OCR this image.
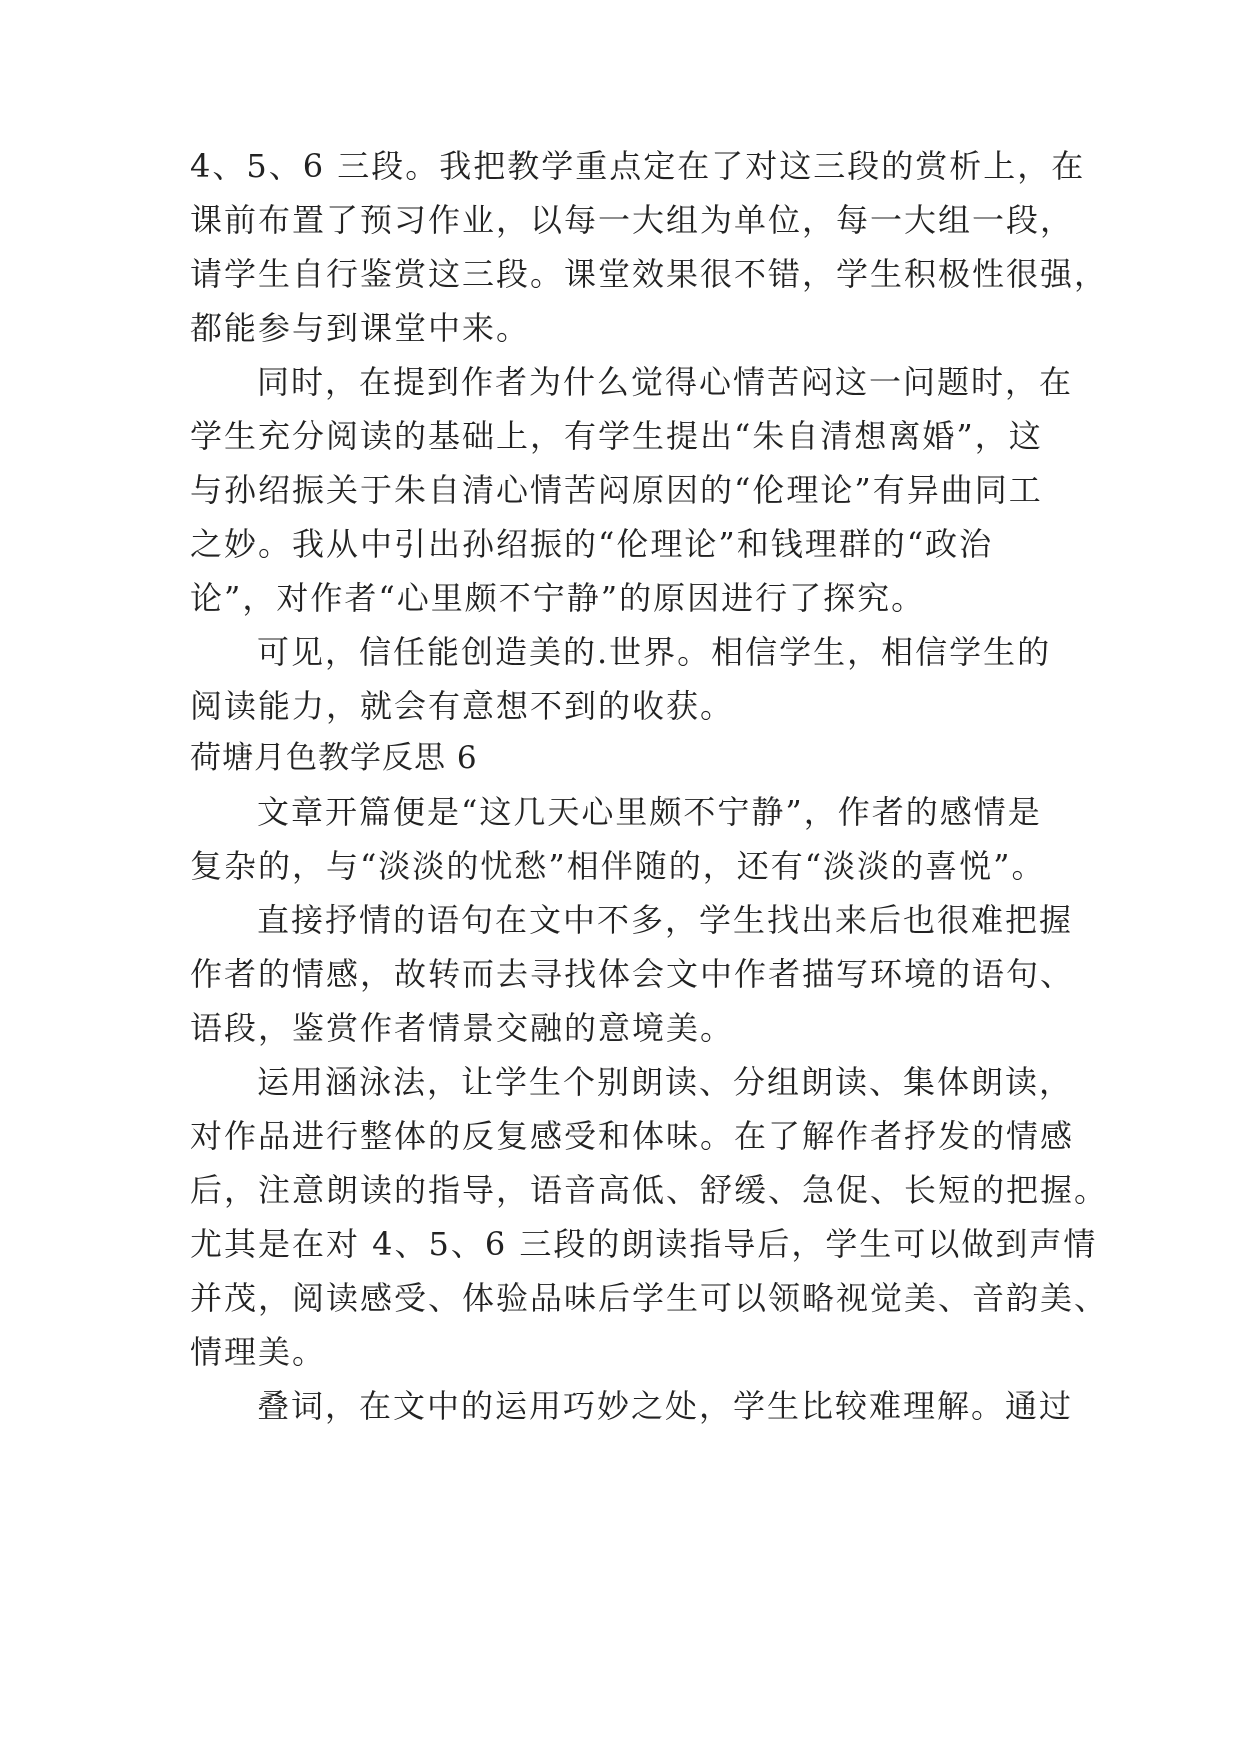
4、5、6 三段。我把教学重点定在了对这三段的赏析上，在
课前布置了预习作业，以每一大组为单位，每一大组一段，
请学生自行鉴赏这三段。课堂效果很不错，学生积极性很强，
都能参与到课堂中来。
同时，在提到作者为什么觉得心情苦闷这一问题时，在
学生充分阅读的基础上，有学生提出“朱自清想离婚”，这
与孙绍振关于朱自清心情苦闷原因的“伦理论”有异曲同工
之妙。我从中引出孙绍振的“伦理论”和钱理群的“政治
论”，对作者“心里颇不宁静”的原因进行了探究。
可见，信任能创造美的.世界。相信学生，相信学生的
阅读能力，就会有意想不到的收获。
荷塘月色教学反思 6
文章开篇便是“这几天心里颇不宁静”，作者的感情是
复杂的，与“淡淡的忧愁”相伴随的，还有“淡淡的喜悦”。
直接抒情的语句在文中不多，学生找出来后也很难把握
作者的情感，故转而去寻找体会文中作者描写环境的语句、
语段，鉴赏作者情景交融的意境美。
运用涵泳法，让学生个别朗读、分组朗读、集体朗读，
对作品进行整体的反复感受和体味。在了解作者抒发的情感
后，注意朗读的指导，语音高低、舒缓、急促、长短的把握。
尤其是在对 4、5、6 三段的朗读指导后，学生可以做到声情
并茂，阅读感受、体验品味后学生可以领略视觉美、音韵美、
情理美。
叠词，在文中的运用巧妙之处，学生比较难理解。通过
